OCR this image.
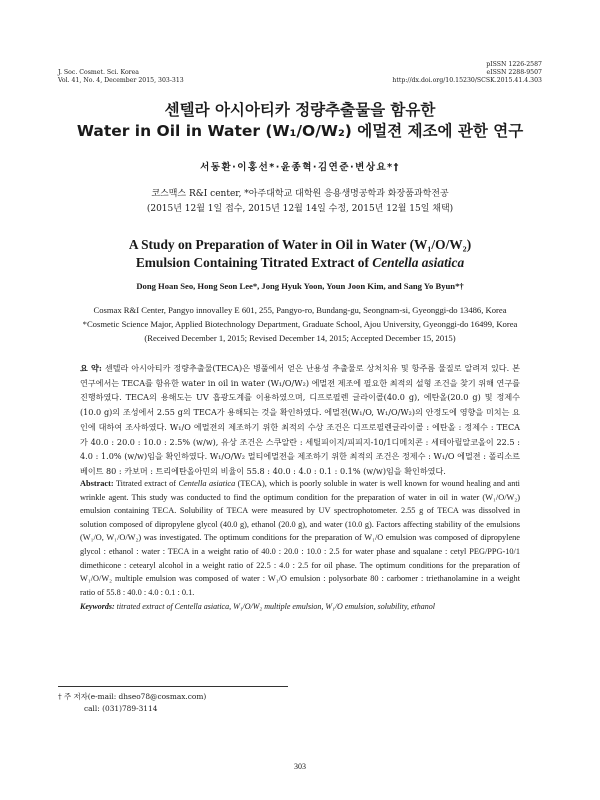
J. Soc. Cosmet. Sci. Korea
Vol. 41, No. 4, December 2015, 303-313
pISSN 1226-2587
eISSN 2288-9507
http://dx.doi.org/10.15230/SCSK.2015.41.4.303
센텔라 아시아티카 정량추출물을 함유한
Water in Oil in Water (W₁/O/W₂) 에멀젼 제조에 관한 연구
서동환·이홍선*·윤종혁·김연준·변상요*†
코스맥스 R&I center, *아주대학교 대학원 응용생명공학과 화장품과학전공
(2015년 12월 1일 접수, 2015년 12월 14일 수정, 2015년 12월 15일 채택)
A Study on Preparation of Water in Oil in Water (W₁/O/W₂)
Emulsion Containing Titrated Extract of Centella asiatica
Dong Hoan Seo, Hong Seon Lee*, Jong Hyuk Yoon, Youn Joon Kim, and Sang Yo Byun*†
Cosmax R&I Center, Pangyo innovalley E 601, 255, Pangyo-ro, Bundang-gu, Seongnam-si, Gyeonggi-do 13486, Korea
*Cosmetic Science Major, Applied Biotechnology Department, Graduate School, Ajou University, Gyeonggi-do 16499, Korea
(Received December 1, 2015; Revised December 14, 2015; Accepted December 15, 2015)
요 약: 센텔라 아시아티카 정량추출물(TECA)은 병풀에서 얻은 난용성 추출물로 상처치유 및 항주름 물질로 알려져 있다. 본 연구에서는 TECA를 함유한 water in oil in water (W₁/O/W₂) 에멀젼 제조에 필요한 최적의 설형 조건을 찾기 위해 연구를 진행하였다. TECA의 용해도는 UV 흡광도계를 이용하였으며, 디프로필렌 글라이콜(40.0 g), 에탄올(20.0 g) 및 정제수(10.0 g)의 조성에서 2.55 g의 TECA가 용해되는 것을 확인하였다. 에멀젼(W₁/O, W₁/O/W₂)의 안정도에 영향을 미치는 요인에 대하여 조사하였다. W₁/O 에멀젼의 제조하기 위한 최적의 수상 조건은 디프로필렌글라이콜 : 에탄올 : 정제수 : TECA가 40.0 : 20.0 : 10.0 : 2.5% (w/w), 유상 조건은 스쿠알란 : 세틸피이지/피피지-10/1디메치콘 : 세테아릴알코올이 22.5 : 4.0 : 1.0% (w/w)임을 확인하였다. W₁/O/W₂ 멀티에멀젼을 제조하기 위한 최적의 조건은 정제수 : W₁/O 에멀젼 : 폴리소르베이트 80 : 카보머 : 트리에탄올아민의 비율이 55.8 : 40.0 : 4.0 : 0.1 : 0.1% (w/w)임을 확인하였다.
Abstract: Titrated extract of Centella asiatica (TECA), which is poorly soluble in water is well known for wound healing and anti wrinkle agent. This study was conducted to find the optimum condition for the preparation of water in oil in water (W₁/O/W₂) emulsion containing TECA. Solubility of TECA were measured by UV spectrophotometer. 2.55 g of TECA was dissolved in solution composed of dipropylene glycol (40.0 g), ethanol (20.0 g), and water (10.0 g). Factors affecting stability of the emulsions (W₁/O, W₁/O/W₂) was investigated. The optimum conditions for the preparation of W₁/O emulsion was composed of dipropylene glycol : ethanol : water : TECA in a weight ratio of 40.0 : 20.0 : 10.0 : 2.5 for water phase and squalane : cetyl PEG/PPG-10/1 dimethicone : cetearyl alcohol in a weight ratio of 22.5 : 4.0 : 2.5 for oil phase. The optimum conditions for the preparation of W₁/O/W₂ multiple emulsion was composed of water : W₁/O emulsion : polysorbate 80 : carbomer : triethanolamine in a weight ratio of 55.8 : 40.0 : 4.0 : 0.1 : 0.1.
Keywords: titrated extract of Centella asiatica, W₁/O/W₂ multiple emulsion, W₁/O emulsion, solubility, ethanol
† 주 저자(e-mail: dhseo78@cosmax.com)
call: (031)789-3114
303
